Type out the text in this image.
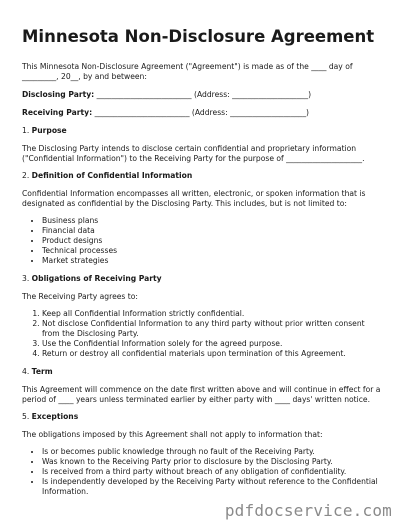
Minnesota Non-Disclosure Agreement

This Minnesota Non-Disclosure Agreement ("Agreement") is made as of the ____ day of _________, 20__, by and between:

Disclosing Party: _________________________ (Address: ____________________)
Receiving Party: _________________________ (Address: ____________________)
1. Purpose

The Disclosing Party intends to disclose certain confidential and proprietary information ("Confidential Information") to the Receiving Party for the purpose of ____________________.

2. Definition of Confidential Information

Confidential Information encompasses all written, electronic, or spoken information that is designated as confidential by the Disclosing Party. This includes, but is not limited to:

• Business plans
• Financial data
• Product designs
• Technical processes
• Market strategies
3. Obligations of Receiving Party

The Receiving Party agrees to:

1. Keep all Confidential Information strictly confidential.
2. Not disclose Confidential Information to any third party without prior written consent from the Disclosing Party.
3. Use the Confidential Information solely for the agreed purpose.
4. Return or destroy all confidential materials upon termination of this Agreement.
4. Term

This Agreement will commence on the date first written above and will continue in effect for a period of ____ years unless terminated earlier by either party with ____ days' written notice.

5. Exceptions

The obligations imposed by this Agreement shall not apply to information that:

• Is or becomes public knowledge through no fault of the Receiving Party.
• Was known to the Receiving Party prior to disclosure by the Disclosing Party.
• Is received from a third party without breach of any obligation of confidentiality.
• Is independently developed by the Receiving Party without reference to the Confidential Information.
pdfdocservice.com
